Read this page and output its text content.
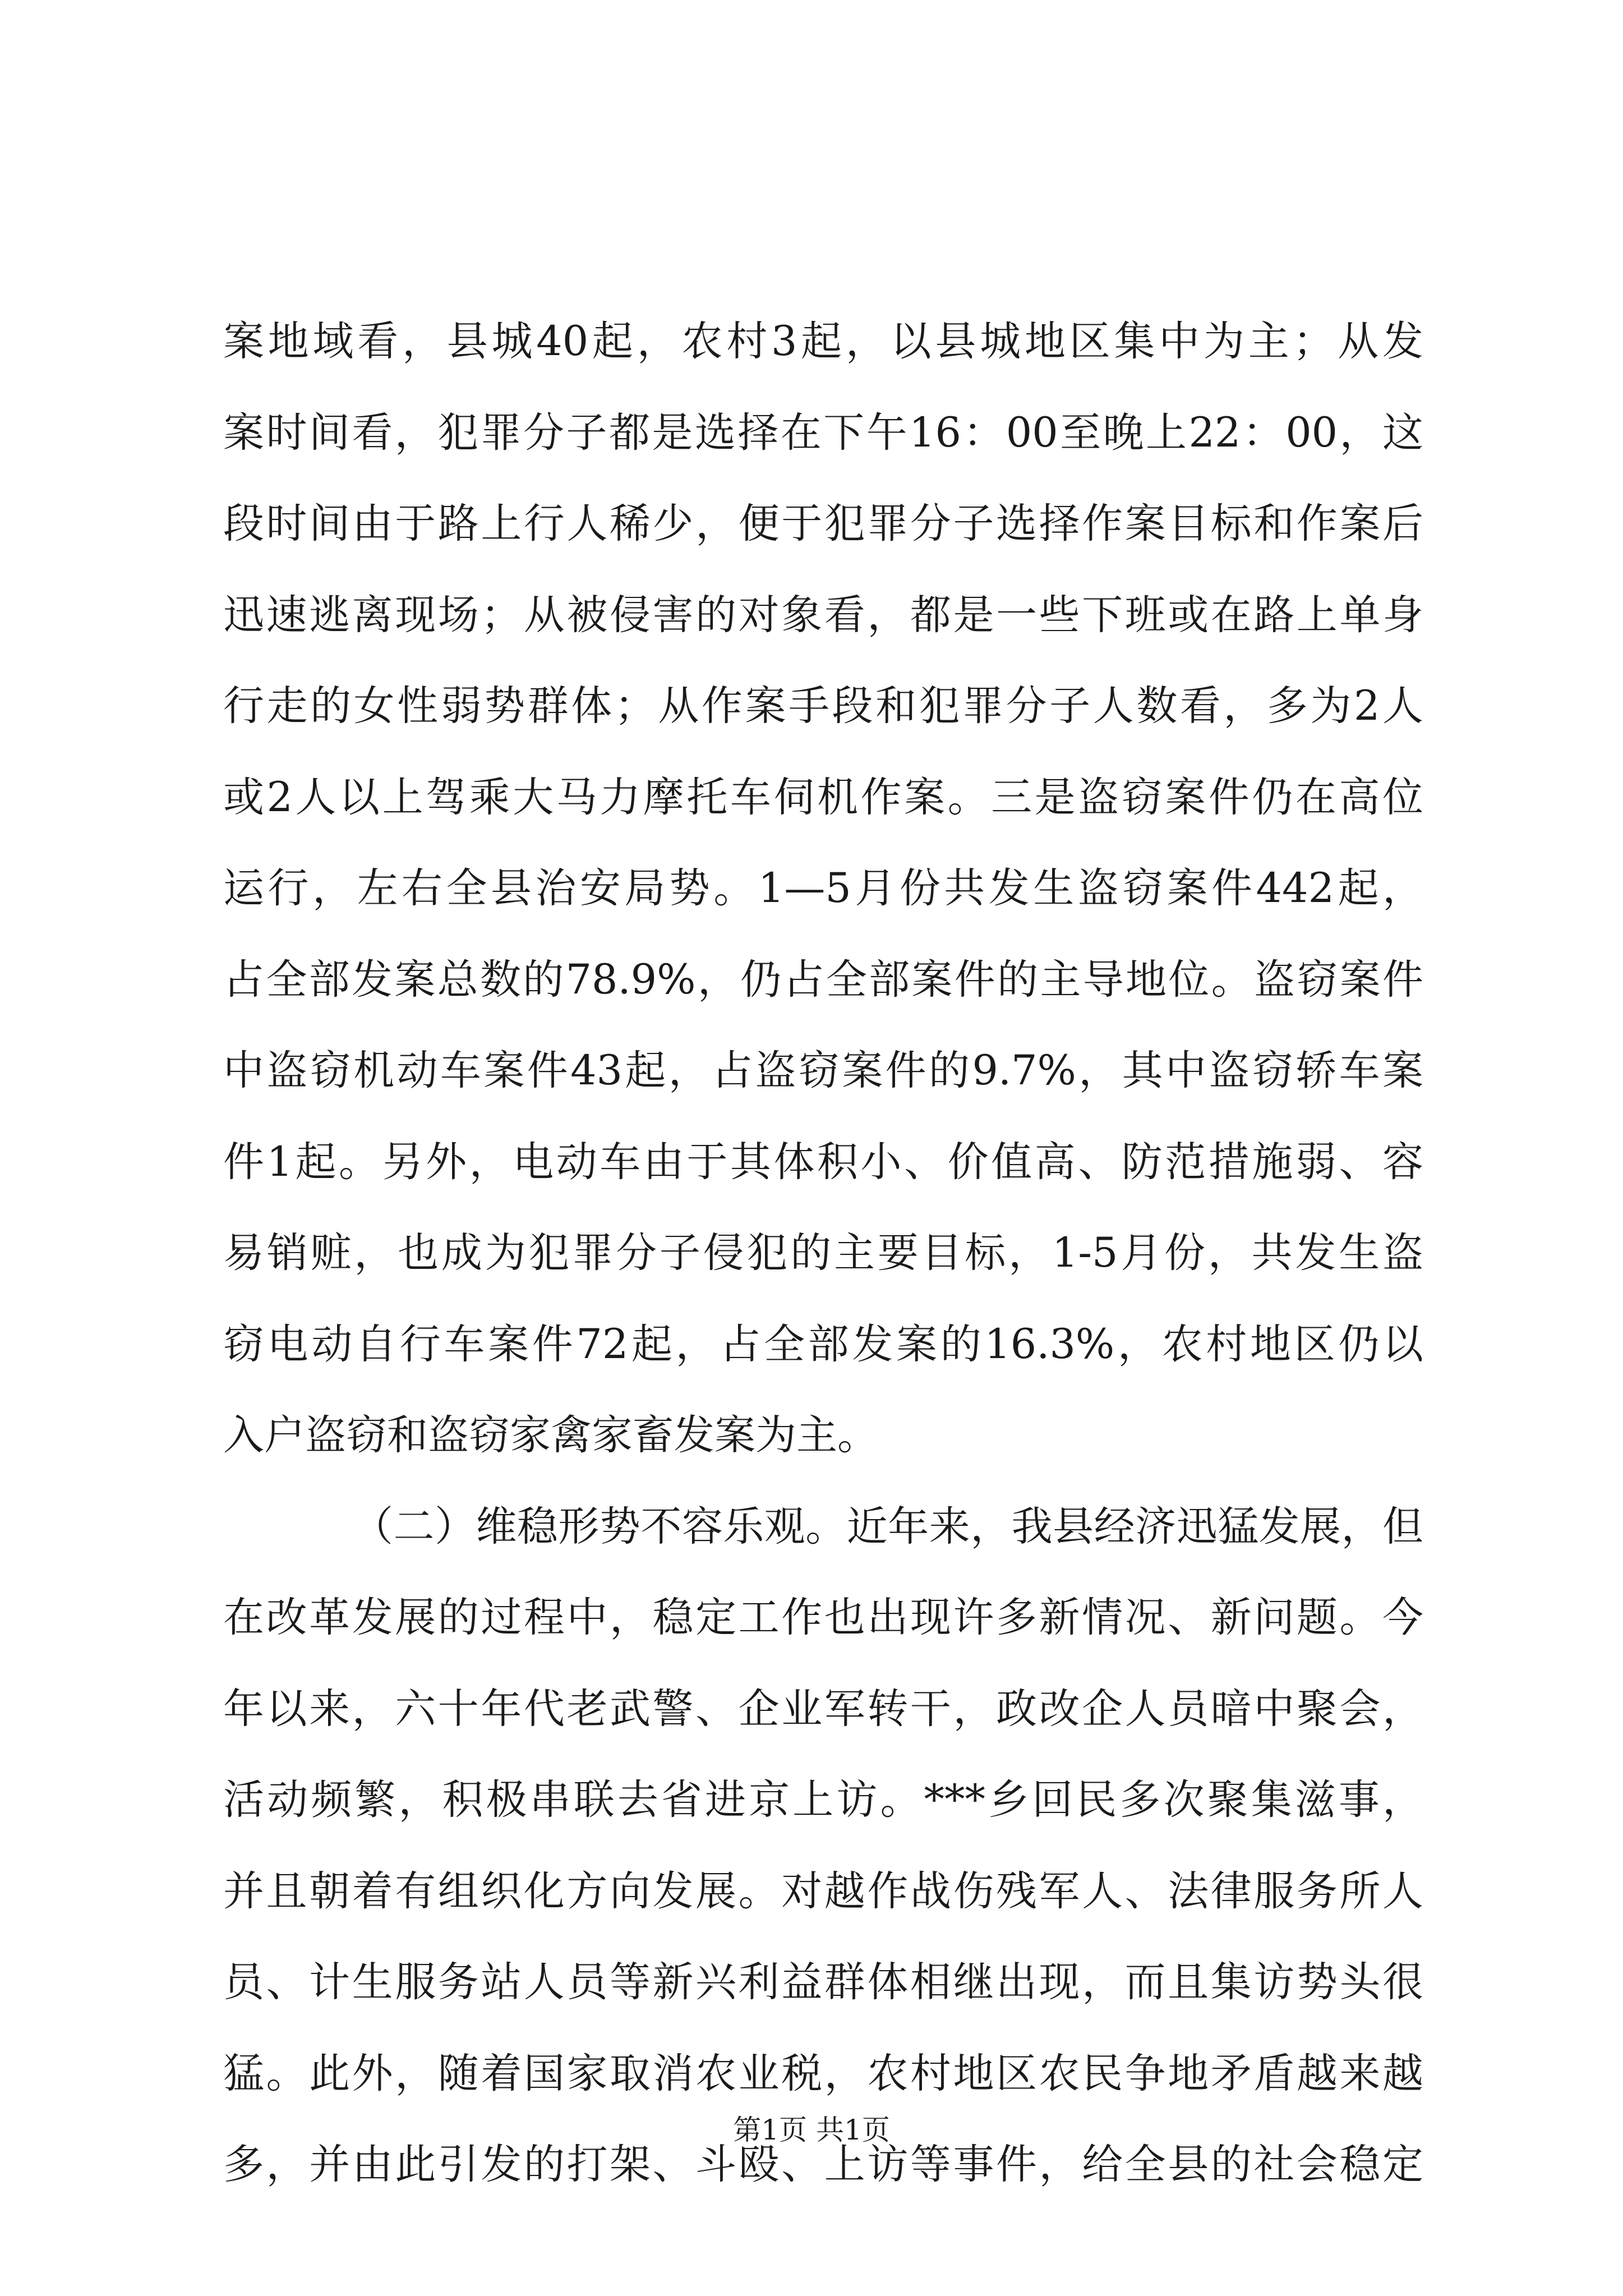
案地域看，县城40起，农村3起，以县城地区集中为主；从发
案时间看，犯罪分子都是选择在下午16：00至晚上22：00，这
段时间由于路上行人稀少，便于犯罪分子选择作案目标和作案后
迅速逃离现场；从被侵害的对象看，都是一些下班或在路上单身
行走的女性弱势群体；从作案手段和犯罪分子人数看，多为2人
或2人以上驾乘大马力摩托车伺机作案。三是盗窃案件仍在高位
运行，左右全县治安局势。1—5月份共发生盗窃案件442起，
占全部发案总数的78.9%，仍占全部案件的主导地位。盗窃案件
中盗窃机动车案件43起，占盗窃案件的9.7%，其中盗窃轿车案
件1起。另外，电动车由于其体积小、价值高、防范措施弱、容
易销赃，也成为犯罪分子侵犯的主要目标，1-5月份，共发生盗
窃电动自行车案件72起，占全部发案的16.3%，农村地区仍以
入户盗窃和盗窃家禽家畜发案为主。
（二）维稳形势不容乐观。近年来，我县经济迅猛发展，但
在改革发展的过程中，稳定工作也出现许多新情况、新问题。今
年以来，六十年代老武警、企业军转干，政改企人员暗中聚会，
活动频繁，积极串联去省进京上访。***乡回民多次聚集滋事，
并且朝着有组织化方向发展。对越作战伤残军人、法律服务所人
员、计生服务站人员等新兴利益群体相继出现，而且集访势头很
猛。此外，随着国家取消农业税，农村地区农民争地矛盾越来越
多，并由此引发的打架、斗殴、上访等事件，给全县的社会稳定
第1页 共1页
